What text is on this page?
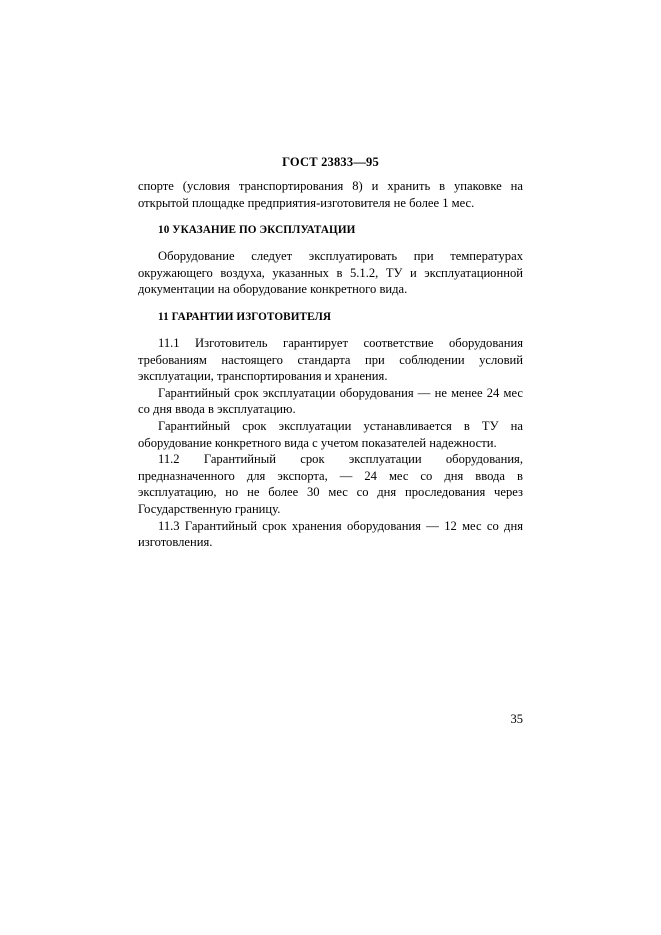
ГОСТ 23833—95

спорте (условия транспортирования 8) и хранить в упаковке на открытой площадке предприятия-изготовителя не более 1 мес.

10 УКАЗАНИЕ ПО ЭКСПЛУАТАЦИИ

Оборудование следует эксплуатировать при температурах окружающего воздуха, указанных в 5.1.2, ТУ и эксплуатационной документации на оборудование конкретного вида.

11 ГАРАНТИИ ИЗГОТОВИТЕЛЯ

11.1 Изготовитель гарантирует соответствие оборудования требованиям настоящего стандарта при соблюдении условий эксплуатации, транспортирования и хранения.

Гарантийный срок эксплуатации оборудования — не менее 24 мес со дня ввода в эксплуатацию.

Гарантийный срок эксплуатации устанавливается в ТУ на оборудование конкретного вида с учетом показателей надежности.

11.2 Гарантийный срок эксплуатации оборудования, предназначенного для экспорта, — 24 мес со дня ввода в эксплуатацию, но не более 30 мес со дня проследования через Государственную границу.

11.3 Гарантийный срок хранения оборудования — 12 мес со дня изготовления.

35
